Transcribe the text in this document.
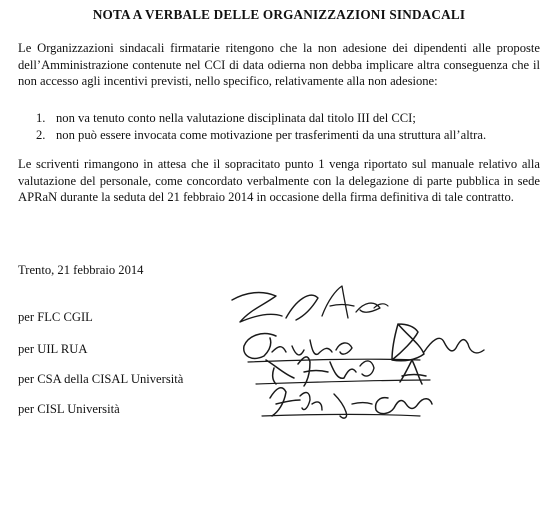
NOTA A VERBALE DELLE ORGANIZZAZIONI SINDACALI
Le Organizzazioni sindacali firmatarie ritengono che la non adesione dei dipendenti alle proposte dell’Amministrazione contenute nel CCI di data odierna non debba implicare altra conseguenza che il non accesso agli incentivi previsti, nello specifico, relativamente alla non adesione:
1. non va tenuto conto nella valutazione disciplinata dal titolo III del CCI;
2. non può essere invocata come motivazione per trasferimenti da una struttura all’altra.
Le scriventi rimangono in attesa che il sopracitato punto 1 venga riportato sul manuale relativo alla valutazione del personale, come concordato verbalmente con la delegazione di parte pubblica in sede APRaN durante la seduta del 21 febbraio 2014 in occasione della firma definitiva di tale contratto.
Trento, 21 febbraio 2014
per FLC CGIL
per UIL RUA
per CSA della CISAL Università
per CISL Università
